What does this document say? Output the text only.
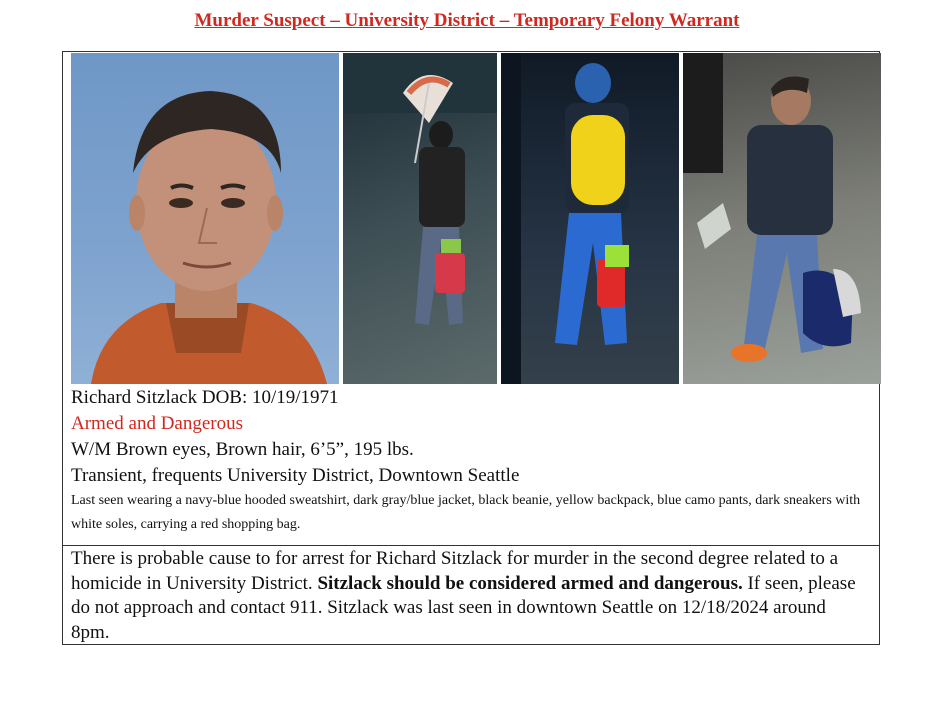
Murder Suspect – University District – Temporary Felony Warrant
Richard Sitzlack DOB: 10/19/1971
Armed and Dangerous
W/M Brown eyes, Brown hair, 6’5”, 195 lbs.
Transient, frequents University District, Downtown Seattle
Last seen wearing a navy-blue hooded sweatshirt, dark gray/blue jacket, black beanie, yellow backpack, blue camo pants, dark sneakers with white soles, carrying a red shopping bag.
There is probable cause to for arrest for Richard Sitzlack for murder in the second degree related to a homicide in University District. Sitzlack should be considered armed and dangerous. If seen, please do not approach and contact 911. Sitzlack was last seen in downtown Seattle on 12/18/2024 around 8pm.
